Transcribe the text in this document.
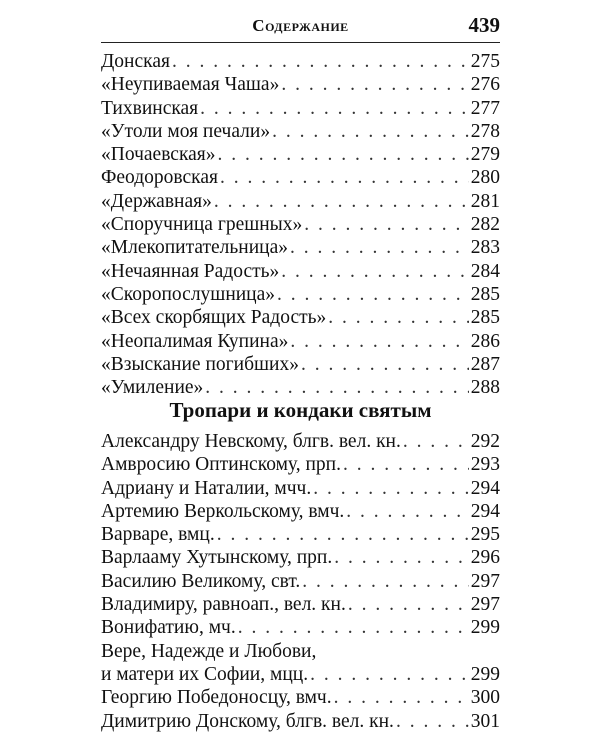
Содержание	439
Донская . . .	275
«Неупиваемая Чаша» . . .	276
Тихвинская . . .	277
«Утоли моя печали» . . .	278
«Почаевская» . . .	279
Феодоровская . . .	280
«Державная» . . .	281
«Споручница грешных» . . .	282
«Млекопитательница» . . .	283
«Нечаянная Радость» . . .	284
«Скоропослушница» . . .	285
«Всех скорбящих Радость» . . .	285
«Неопалимая Купина» . . .	286
«Взыскание погибших» . . .	287
«Умиление» . . .	288
Тропари и кондаки святым
Александру Невскому, блгв. вел. кн. . . .	292
Амвросию Оптинскому, прп. . . .	293
Адриану и Наталии, мчч. . . .	294
Артемию Веркольскому, вмч. . . .	294
Варваре, вмц. . . .	295
Варлааму Хутынскому, прп. . . .	296
Василию Великому, свт. . . .	297
Владимиру, равноап., вел. кн. . . .	297
Вонифатию, мч. . . .	299
Вере, Надежде и Любови,
и матери их Софии, мцц. . . .	299
Георгию Победоносцу, вмч. . . .	300
Димитрию Донскому, блгв. вел. кн. . . .	301
